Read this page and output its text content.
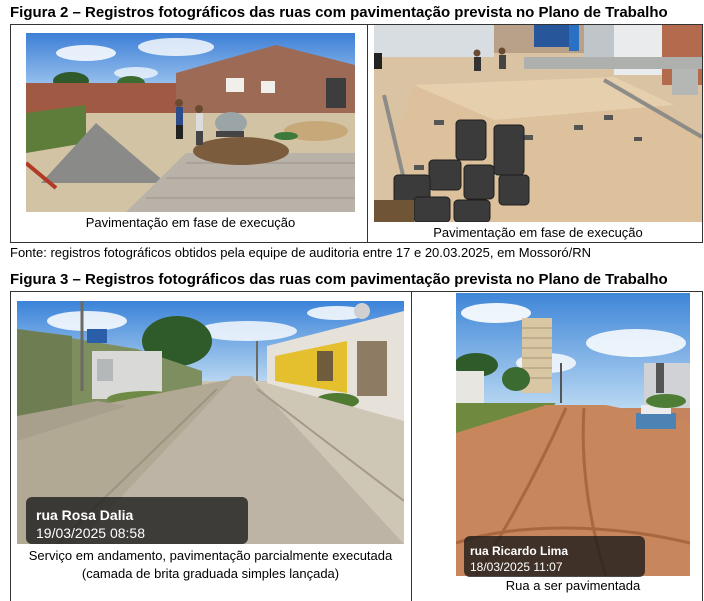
Figura 2 – Registros fotográficos das ruas com pavimentação prevista no Plano de Trabalho
Pavimentação em fase de execução
Pavimentação em fase de execução
Fonte: registros fotográficos obtidos pela equipe de auditoria entre 17 e 20.03.2025, em Mossoró/RN
Figura 3 – Registros fotográficos das ruas com pavimentação prevista no Plano de Trabalho
rua Rosa Dalia
19/03/2025 08:58
Serviço em andamento, pavimentação parcialmente executada
(camada de brita graduada simples lançada)
rua Ricardo Lima
18/03/2025 11:07
Rua a ser pavimentada
